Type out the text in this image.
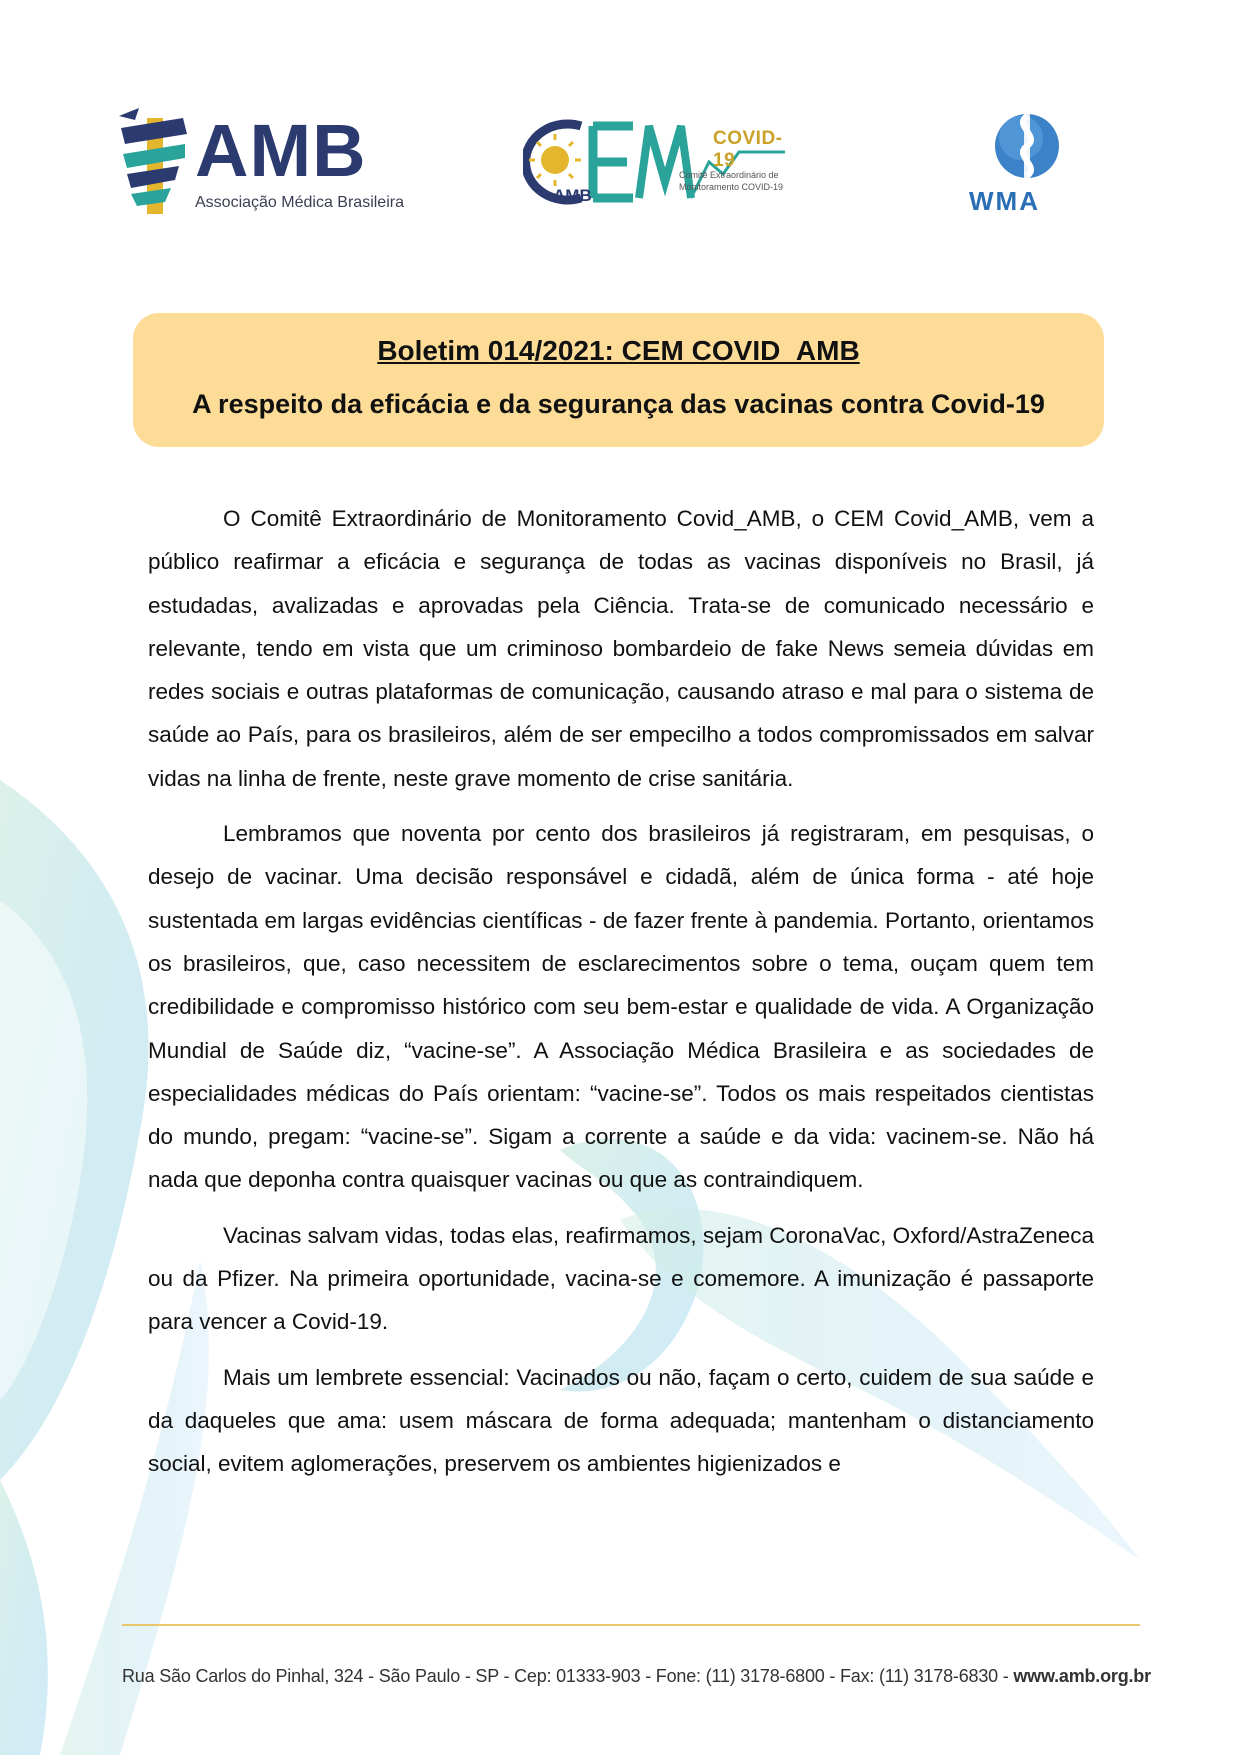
AMB
Associação Médica Brasileira
COVID-19
Comitê Extraordinário de
Monitoramento COVID-19
AMB	WMA
Boletim 014/2021: CEM COVID_AMB
A respeito da eficácia e da segurança das vacinas contra Covid-19

O Comitê Extraordinário de Monitoramento Covid_AMB, o CEM Covid_AMB, vem a público reafirmar a eficácia e segurança de todas as vacinas disponíveis no Brasil, já estudadas, avalizadas e aprovadas pela Ciência. Trata-se de comunicado necessário e relevante, tendo em vista que um criminoso bombardeio de fake News semeia dúvidas em redes sociais e outras plataformas de comunicação, causando atraso e mal para o sistema de saúde ao País, para os brasileiros, além de ser empecilho a todos compromissados em salvar vidas na linha de frente, neste grave momento de crise sanitária.

Lembramos que noventa por cento dos brasileiros já registraram, em pesquisas, o desejo de vacinar. Uma decisão responsável e cidadã, além de única forma - até hoje sustentada em largas evidências científicas - de fazer frente à pandemia. Portanto, orientamos os brasileiros, que, caso necessitem de esclarecimentos sobre o tema, ouçam quem tem credibilidade e compromisso histórico com seu bem-estar e qualidade de vida. A Organização Mundial de Saúde diz, “vacine-se”. A Associação Médica Brasileira e as sociedades de especialidades médicas do País orientam: “vacine-se”. Todos os mais respeitados cientistas do mundo, pregam: “vacine-se”. Sigam a corrente a saúde e da vida: vacinem-se. Não há nada que deponha contra quaisquer vacinas ou que as contraindiquem.

Vacinas salvam vidas, todas elas, reafirmamos, sejam CoronaVac, Oxford/AstraZeneca ou da Pfizer. Na primeira oportunidade, vacina-se e comemore. A imunização é passaporte para vencer a Covid-19.

Mais um lembrete essencial: Vacinados ou não, façam o certo, cuidem de sua saúde e da daqueles que ama: usem máscara de forma adequada; mantenham o distanciamento social, evitem aglomerações, preservem os ambientes higienizados e

Rua São Carlos do Pinhal, 324 - São Paulo - SP - Cep: 01333-903 - Fone: (11) 3178-6800 - Fax: (11) 3178-6830 - www.amb.org.br
